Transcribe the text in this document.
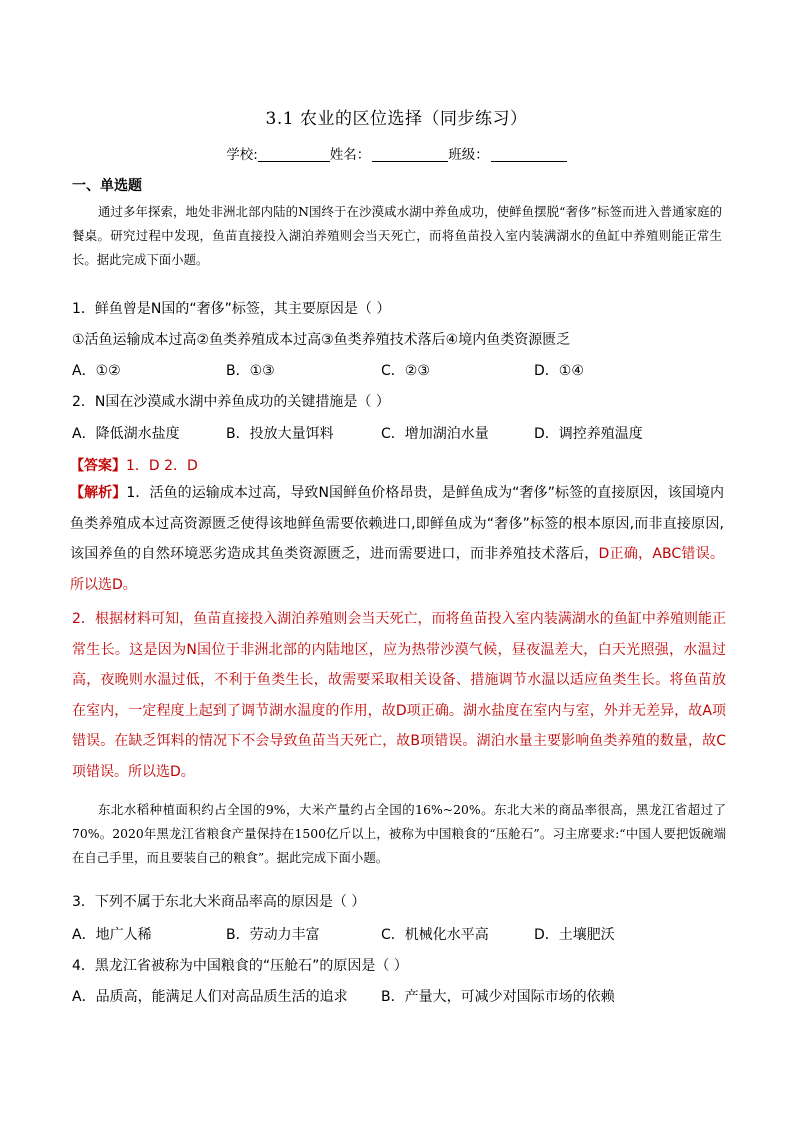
3.1 农业的区位选择（同步练习）
学校:	姓名：	班级：
一、单选题
通过多年探索，地处非洲北部内陆的N国终于在沙漠咸水湖中养鱼成功，使鲜鱼摆脱“奢侈”标签而进入普通家庭的餐桌。研究过程中发现，鱼苗直接投入湖泊养殖则会当天死亡，而将鱼苗投入室内装满湖水的鱼缸中养殖则能正常生长。据此完成下面小题。
1．鲜鱼曾是N国的“奢侈”标签，其主要原因是（ ）
①活鱼运输成本过高②鱼类养殖成本过高③鱼类养殖技术落后④境内鱼类资源匮乏
A．①②	B．①③	C．②③	D．①④
2．N国在沙漠咸水湖中养鱼成功的关键措施是（ ）
A．降低湖水盐度	B．投放大量饵料	C．增加湖泊水量	D．调控养殖温度
【答案】1．D 2．D
【解析】1．活鱼的运输成本过高，导致N国鲜鱼价格昂贵，是鲜鱼成为“奢侈”标签的直接原因，该国境内鱼类养殖成本过高资源匮乏使得该地鲜鱼需要依赖进口,即鲜鱼成为“奢侈”标签的根本原因,而非直接原因,该国养鱼的自然环境恶劣造成其鱼类资源匮乏，进而需要进口，而非养殖技术落后，D正确，ABC错误。所以选D。
2．根据材料可知，鱼苗直接投入湖泊养殖则会当天死亡，而将鱼苗投入室内装满湖水的鱼缸中养殖则能正常生长。这是因为N国位于非洲北部的内陆地区，应为热带沙漠气候，昼夜温差大，白天光照强，水温过高，夜晚则水温过低，不利于鱼类生长，故需要采取相关设备、措施调节水温以适应鱼类生长。将鱼苗放在室内，一定程度上起到了调节湖水温度的作用，故D项正确。湖水盐度在室内与室，外并无差异，故A项错误。在缺乏饵料的情况下不会导致鱼苗当天死亡，故B项错误。湖泊水量主要影响鱼类养殖的数量，故C项错误。所以选D。
东北水稻种植面积约占全国的9%，大米产量约占全国的16%~20%。东北大米的商品率很高，黑龙江省超过了70%。2020年黑龙江省粮食产量保持在1500亿斤以上，被称为中国粮食的“压舱石”。习主席要求:“中国人要把饭碗端在自己手里，而且要装自己的粮食”。据此完成下面小题。
3．下列不属于东北大米商品率高的原因是（ ）
A．地广人稀	B．劳动力丰富	C．机械化水平高	D．土壤肥沃
4．黑龙江省被称为中国粮食的“压舱石”的原因是（ ）
A．品质高，能满足人们对高品质生活的追求 B．产量大，可减少对国际市场的依赖
